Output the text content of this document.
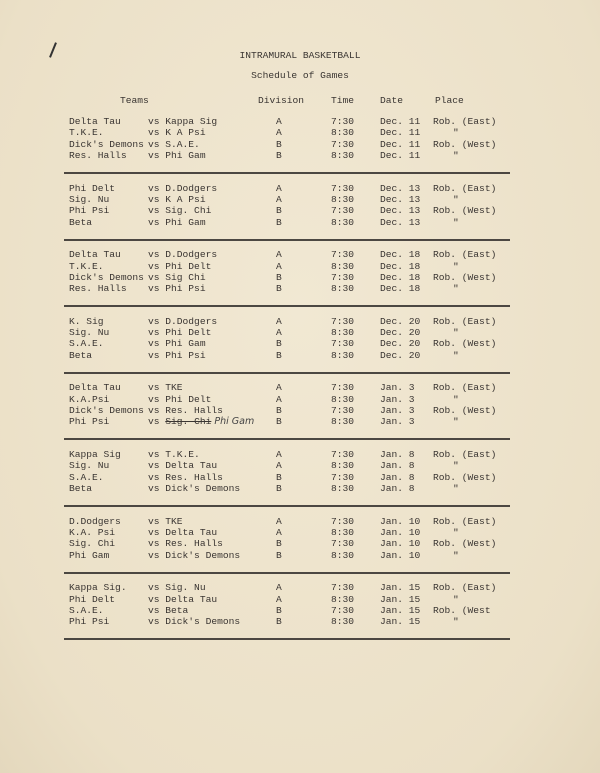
INTRAMURAL BASKETBALL
Schedule of Games
Teams	Division	Time	Date	Place
Delta Tau	vs Kappa Sig	A	7:30	Dec. 11 Rob. (East)
T.K.E.	vs K A Psi	A	8:30	Dec. 11	"
Dick's Demons vs S.A.E.	B	7:30	Dec. 11 Rob. (West)
Res. Halls vs Phi Gam	B	8:30	Dec. 11	"
Phi Delt	vs D.Dodgers	A	7:30	Dec. 13 Rob. (East)
Sig. Nu	vs K A Psi	A	8:30	Dec. 13	"
Phi Psi	vs Sig. Chi	B	7:30	Dec. 13 Rob. (West)
Beta	vs Phi Gam	B	8:30	Dec. 13	"
Delta Tau	vs D.Dodgers	A	7:30	Dec. 18 Rob. (East)
T.K.E.	vs Phi Delt	A	8:30	Dec. 18	"
Dick's Demons vs Sig Chi	B	7:30	Dec. 18 Rob. (West)
Res. Halls vs Phi Psi	B	8:30	Dec. 18	"
K. Sig	vs D.Dodgers	A	7:30	Dec. 20 Rob. (East)
Sig. Nu	vs Phi Delt	A	8:30	Dec. 20	"
S.A.E.	vs Phi Gam	B	7:30	Dec. 20 Rob. (West)
Beta	vs Phi Psi	B	8:30	Dec. 20	"
Delta Tau	vs TKE	A	7:30	Jan. 3 Rob. (East)
K.A.Psi	vs Phi Delt	A	8:30	Jan. 3	"
Dick's Demons vs Res. Halls	B	7:30	Jan. 3 Rob. (West)
Phi Psi	vs Sig. Chi Phi Gam B	8:30	Jan. 3	"
Kappa Sig	vs T.K.E.	A	7:30	Jan. 8 Rob. (East)
Sig. Nu	vs Delta Tau	A	8:30	Jan. 8	"
S.A.E.	vs Res. Halls	B	7:30	Jan. 8 Rob. (West)
Beta	vs Dick's Demons	B	8:30	Jan. 8	"
D.Dodgers	vs TKE	A	7:30	Jan. 10 Rob. (East)
K.A. Psi	vs Delta Tau	A	8:30	Jan. 10	"
Sig. Chi	vs Res. Halls	B	7:30	Jan. 10 Rob. (West)
Phi Gam	vs Dick's Demons	B	8:30	Jan. 10	"
Kappa Sig. vs Sig. Nu	A	7:30	Jan. 15 Rob. (East)
Phi Delt	vs Delta Tau	A	8:30	Jan. 15	"
S.A.E.	vs Beta	B	7:30	Jan. 15 Rob. (West
Phi Psi	vs Dick's Demons	B	8:30	Jan. 15	"
